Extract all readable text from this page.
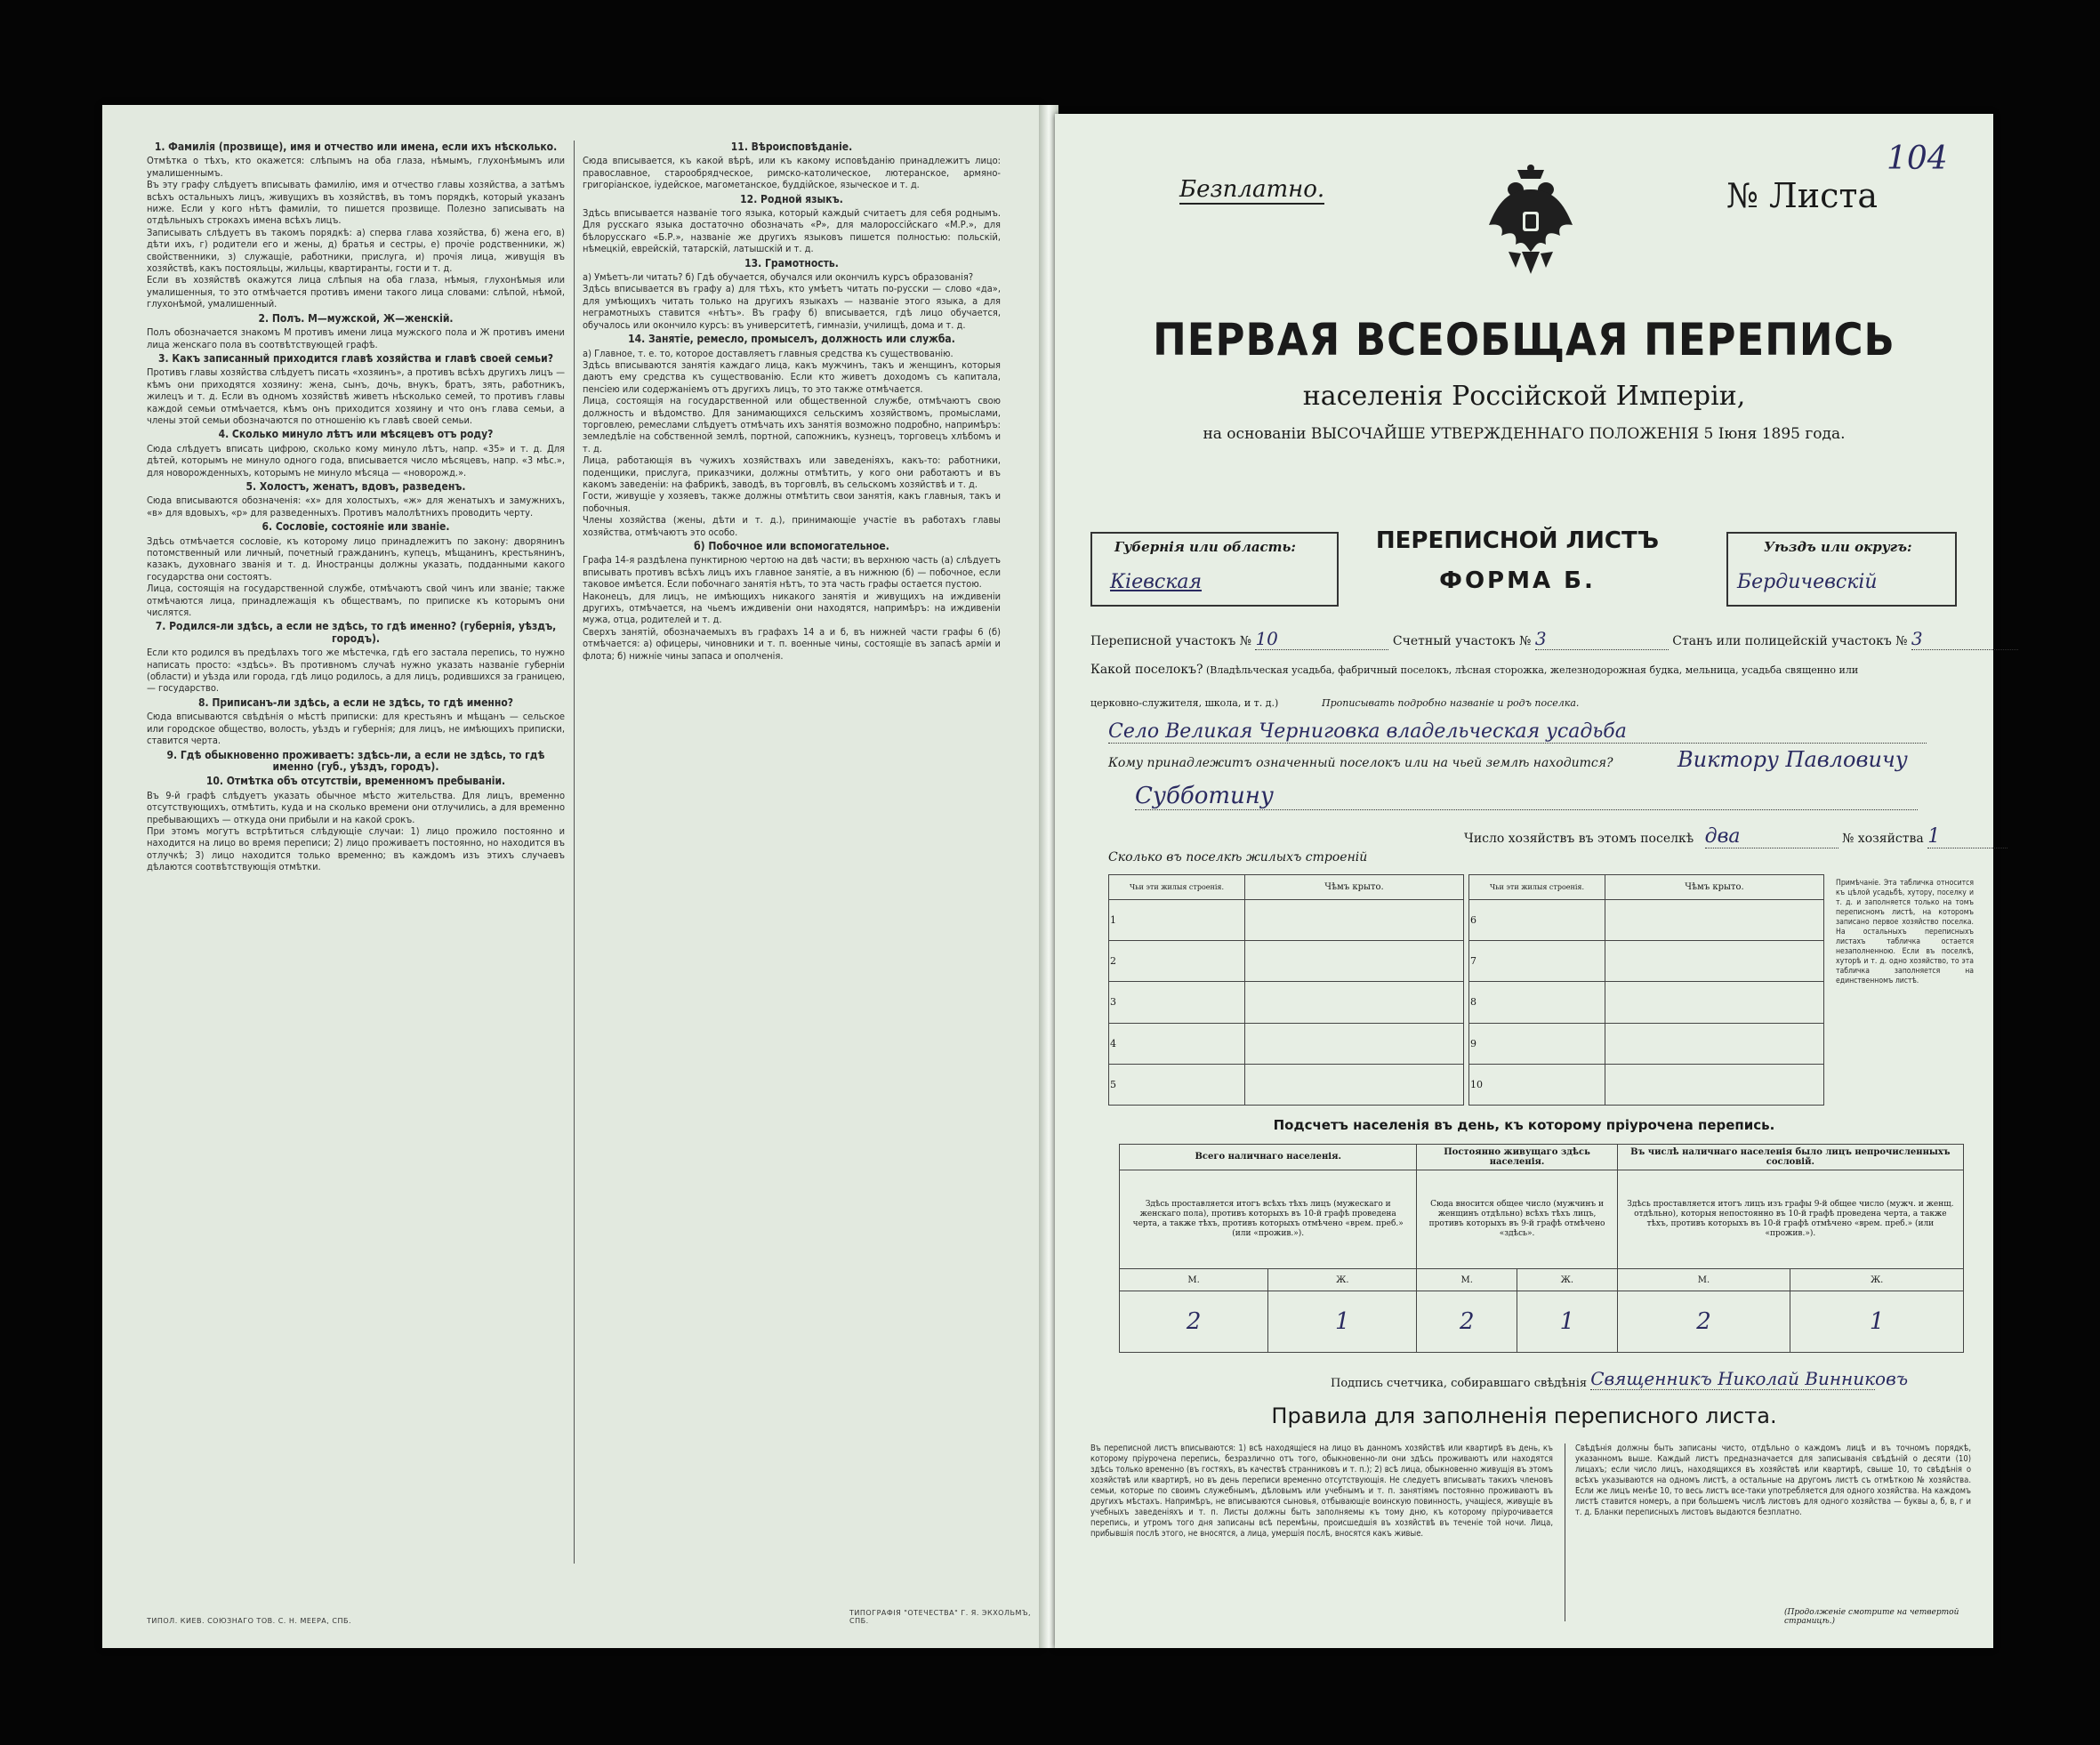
1. Фамилія (прозвище), имя и отчество или имена, если ихъ нѣсколько.
Отмѣтка о тѣхъ, кто окажется: слѣпымъ на оба глаза, нѣмымъ, глухонѣмымъ или умалишеннымъ.
Въ эту графу слѣдуетъ вписывать фамилію, имя и отчество главы хозяйства, а затѣмъ всѣхъ остальныхъ лицъ, живущихъ въ хозяйствѣ, въ томъ порядкѣ, который указанъ ниже. Если у кого нѣтъ фамиліи, то пишется прозвище. Полезно записывать на отдѣльныхъ строкахъ имена всѣхъ лицъ.
Записывать слѣдуетъ въ такомъ порядкѣ: а) сперва глава хозяйства, б) жена его, в) дѣти ихъ, г) родители его и жены, д) братья и сестры, е) прочіе родственники, ж) свойственники, з) служащіе, работники, прислуга, и) прочія лица, живущія въ хозяйствѣ, какъ постояльцы, жильцы, квартиранты, гости и т. д.
Если въ хозяйствѣ окажутся лица слѣпыя на оба глаза, нѣмыя, глухонѣмыя или умалишенныя, то это отмѣчается противъ имени такого лица словами: слѣпой, нѣмой, глухонѣмой, умалишенный.
2. Полъ. М—мужской, Ж—женскій.
Полъ обозначается знакомъ М противъ имени лица мужского пола и Ж противъ имени лица женскаго пола въ соотвѣтствующей графѣ.
3. Какъ записанный приходится главѣ хозяйства и главѣ своей семьи?
Противъ главы хозяйства слѣдуетъ писать «хозяинъ», а противъ всѣхъ другихъ лицъ — кѣмъ они приходятся хозяину: жена, сынъ, дочь, внукъ, братъ, зять, работникъ, жилецъ и т. д. Если въ одномъ хозяйствѣ живетъ нѣсколько семей, то противъ главы каждой семьи отмѣчается, кѣмъ онъ приходится хозяину и что онъ глава семьи, а члены этой семьи обозначаются по отношенію къ главѣ своей семьи.
4. Сколько минуло лѣтъ или мѣсяцевъ отъ роду?
Сюда слѣдуетъ вписать цифрою, сколько кому минуло лѣтъ, напр. «35» и т. д. Для дѣтей, которымъ не минуло одного года, вписывается число мѣсяцевъ, напр. «3 мѣс.», для новорожденныхъ, которымъ не минуло мѣсяца — «новорожд.».
5. Холостъ, женатъ, вдовъ, разведенъ.
Сюда вписываются обозначенія: «х» для холостыхъ, «ж» для женатыхъ и замужнихъ, «в» для вдовыхъ, «р» для разведенныхъ. Противъ малолѣтнихъ проводить черту.
6. Сословіе, состояніе или званіе.
Здѣсь отмѣчается сословіе, къ которому лицо принадлежитъ по закону: дворянинъ потомственный или личный, почетный гражданинъ, купецъ, мѣщанинъ, крестьянинъ, казакъ, духовнаго званія и т. д. Иностранцы должны указать, подданными какого государства они состоятъ.
Лица, состоящія на государственной службе, отмѣчаютъ свой чинъ или званіе; также отмѣчаются лица, принадлежащія къ обществамъ, по приписке къ которымъ они числятся.
7. Родился-ли здѣсь, а если не здѣсь, то гдѣ именно? (губернія, уѣздъ, городъ).
Если кто родился въ предѣлахъ того же мѣстечка, гдѣ его застала перепись, то нужно написать просто: «здѣсь». Въ противномъ случаѣ нужно указать названіе губерніи (области) и уѣзда или города, гдѣ лицо родилось, а для лицъ, родившихся за границею, — государство.
8. Приписанъ-ли здѣсь, а если не здѣсь, то гдѣ именно?
Сюда вписываются свѣдѣнія о мѣстѣ приписки: для крестьянъ и мѣщанъ — сельское или городское общество, волость, уѣздъ и губернія; для лицъ, не имѣющихъ приписки, ставится черта.
9. Гдѣ обыкновенно проживаетъ: здѣсь-ли, а если не здѣсь, то гдѣ именно (губ., уѣздъ, городъ).
10. Отмѣтка объ отсутствіи, временномъ пребываніи.
Въ 9-й графѣ слѣдуетъ указать обычное мѣсто жительства. Для лицъ, временно отсутствующихъ, отмѣтить, куда и на сколько времени они отлучились, а для временно пребывающихъ — откуда они прибыли и на какой срокъ.
При этомъ могутъ встрѣтиться слѣдующіе случаи: 1) лицо прожило постоянно и находится на лицо во время переписи; 2) лицо проживаетъ постоянно, но находится въ отлучкѣ; 3) лицо находится только временно; въ каждомъ изъ этихъ случаевъ дѣлаются соотвѣтствующія отмѣтки.
11. Вѣроисповѣданіе.
Сюда вписывается, къ какой вѣрѣ, или къ какому исповѣданію принадлежитъ лицо: православное, старообрядческое, римско-католическое, лютеранское, армяно-григоріанское, іудейское, магометанское, буддійское, языческое и т. д.
12. Родной языкъ.
Здѣсь вписывается названіе того языка, который каждый считаетъ для себя роднымъ. Для русскаго языка достаточно обозначать «Р», для малороссійскаго «М.Р.», для бѣлорусскаго «Б.Р.», названіе же другихъ языковъ пишется полностью: польскій, нѣмецкій, еврейскій, татарскій, латышскій и т. д.
13. Грамотность.
а) Умѣетъ-ли читать? б) Гдѣ обучается, обучался или окончилъ курсъ образованія?
Здѣсь вписывается въ графу а) для тѣхъ, кто умѣетъ читать по-русски — слово «да», для умѣющихъ читать только на другихъ языкахъ — названіе этого языка, а для неграмотныхъ ставится «нѣтъ». Въ графу б) вписывается, гдѣ лицо обучается, обучалось или окончило курсъ: въ университетѣ, гимназіи, училищѣ, дома и т. д.
14. Занятіе, ремесло, промыселъ, должность или служба.
а) Главное, т. е. то, которое доставляетъ главныя средства къ существованію.
Здѣсь вписываются занятія каждаго лица, какъ мужчинъ, такъ и женщинъ, которыя даютъ ему средства къ существованію. Если кто живетъ доходомъ съ капитала, пенсіею или содержаніемъ отъ другихъ лицъ, то это также отмѣчается.
Лица, состоящія на государственной или общественной службе, отмѣчаютъ свою должность и вѣдомство. Для занимающихся сельскимъ хозяйствомъ, промыслами, торговлею, ремеслами слѣдуетъ отмѣчать ихъ занятія возможно подробно, напримѣръ: земледѣліе на собственной землѣ, портной, сапожникъ, кузнецъ, торговецъ хлѣбомъ и т. д.
Лица, работающія въ чужихъ хозяйствахъ или заведеніяхъ, какъ-то: работники, поденщики, прислуга, приказчики, должны отмѣтить, у кого они работаютъ и въ какомъ заведеніи: на фабрикѣ, заводѣ, въ торговлѣ, въ сельскомъ хозяйствѣ и т. д.
Гости, живущіе у хозяевъ, также должны отмѣтить свои занятія, какъ главныя, такъ и побочныя.
Члены хозяйства (жены, дѣти и т. д.), принимающіе участіе въ работахъ главы хозяйства, отмѣчаютъ это особо.
б) Побочное или вспомогательное.
Графа 14-я раздѣлена пунктирною чертою на двѣ части; въ верхнюю часть (а) слѣдуетъ вписывать противъ всѣхъ лицъ ихъ главное занятіе, а въ нижнюю (б) — побочное, если таковое имѣется. Если побочнаго занятія нѣтъ, то эта часть графы остается пустою.
Наконецъ, для лицъ, не имѣющихъ никакого занятія и живущихъ на иждивеніи другихъ, отмѣчается, на чьемъ иждивеніи они находятся, напримѣръ: на иждивеніи мужа, отца, родителей и т. д.
Сверхъ занятій, обозначаемыхъ въ графахъ 14 а и б, въ нижней части графы 6 (б) отмѣчается: а) офицеры, чиновники и т. п. военные чины, состоящіе въ запасѣ арміи и флота; б) нижніе чины запаса и ополченія.
ТИПОЛ. КИЕВ. СОЮЗНАГО ТОВ. С. Н. МЕЕРА, СПБ.
ТИПОГРАФІЯ "ОТЕЧЕСТВА" Г. Я. ЭКХОЛЬМЪ, СПБ.
Безплатно.	№ Листа
104
ПЕРВАЯ ВСЕОБЩАЯ ПЕРЕПИСЬ
населенія Россійской Имперіи,
на основаніи ВЫСОЧАЙШЕ УТВЕРЖДЕННАГО ПОЛОЖЕНІЯ 5 Іюня 1895 года.
Губернія или область:
Кіевская
ПЕРЕПИСНОЙ ЛИСТЪ
ФОРМА Б.
Уѣздъ или округъ:
Бердичевскій
Переписной участокъ № 10	Счетный участокъ № 3	Станъ или полицейскій участокъ № 3
Какой поселокъ? (Владѣльческая усадьба, фабричный поселокъ, лѣсная сторожка, железнодорожная будка, мельница, усадьба священно или
церковно-служителя, школа, и т. д.)	Прописывать подробно названіе и родъ поселка.
Село Великая Черниговка владельческая усадьба
Кому принадлежитъ означенный поселокъ или на чьей землѣ находится?	Виктору Павловичу
Субботину
Число хозяйствъ въ этомъ поселкѣ два	№ хозяйства 1
Сколько въ поселкѣ жилыхъ строеній
Чьи эти жилыя строенія.	Чѣмъ крыто.
1	
2	
3	
4	
5	
Чьи эти жилыя строенія.	Чѣмъ крыто.
6	
7	
8	
9	
10	
Примѣчаніе. Эта табличка относится къ цѣлой усадьбѣ, хутору, поселку и т. д. и заполняется только на томъ переписномъ листѣ, на которомъ записано первое хозяйство поселка. На остальныхъ переписныхъ листахъ табличка остается незаполненною. Если въ поселкѣ, хуторѣ и т. д. одно хозяйство, то эта табличка заполняется на единственномъ листѣ.
Подсчетъ населенія въ день, къ которому пріурочена перепись.
Всего наличнаго населенія.		Постоянно живущаго здѣсь населенія.		Въ числѣ наличнаго населенія было лицъ непрочисленныхъ сословій.	
Здѣсь проставляется итогъ всѣхъ тѣхъ лицъ (мужескаго и женскаго пола), противъ которыхъ въ 10-й графѣ проведена черта, а также тѣхъ, противъ которыхъ отмѣчено «врем. преб.» (или «прожив.»).		Сюда вносится общее число (мужчинъ и женщинъ отдѣльно) всѣхъ тѣхъ лицъ, противъ которыхъ въ 9-й графѣ отмѣчено «здѣсь».		Здѣсь проставляется итогъ лицъ изъ графы 9-й общее число (мужч. и женщ. отдѣльно), которыя непостоянно въ 10-й графѣ проведена черта, а также тѣхъ, противъ которыхъ въ 10-й графѣ отмѣчено «врем. преб.» (или «прожив.»).	
М.	Ж.	М.	Ж.	М.	Ж.
2	1	2	1	2	1
Подпись счетчика, собиравшаго свѣдѣнія Священникъ Николай Винниковъ
Правила для заполненія переписного листа.
Въ переписной листъ вписываются: 1) всѣ находящіеся на лицо въ данномъ хозяйствѣ или квартирѣ въ день, къ которому пріурочена перепись, безразлично отъ того, обыкновенно-ли они здѣсь проживаютъ или находятся здѣсь только временно (въ гостяхъ, въ качествѣ странниковъ и т. п.); 2) всѣ лица, обыкновенно живущія въ этомъ хозяйствѣ или квартирѣ, но въ день переписи временно отсутствующія. Не следуетъ вписывать такихъ членовъ семьи, которые по своимъ служебнымъ, дѣловымъ или учебнымъ и т. п. занятіямъ постоянно проживаютъ въ другихъ мѣстахъ. Напримѣръ, не вписываются сыновья, отбывающіе воинскую повинность, учащіеся, живущіе въ учебныхъ заведеніяхъ и т. п. Листы должны быть заполняемы къ тому дню, къ которому пріурочивается перепись, и утромъ того дня записаны всѣ перемѣны, происшедшія въ хозяйствѣ въ теченіе той ночи. Лица, прибывшія послѣ этого, не вносятся, а лица, умершія послѣ, вносятся какъ живые.
Свѣдѣнія должны быть записаны чисто, отдѣльно о каждомъ лицѣ и въ точномъ порядкѣ, указанномъ выше. Каждый листъ предназначается для записыванія свѣдѣній о десяти (10) лицахъ; если число лицъ, находящихся въ хозяйствѣ или квартирѣ, свыше 10, то свѣдѣнія о всѣхъ указываются на одномъ листѣ, а остальные на другомъ листѣ съ отмѣткою № хозяйства. Если же лицъ менѣе 10, то весь листъ все-таки употребляется для одного хозяйства. На каждомъ листѣ ставится номеръ, а при большемъ числѣ листовъ для одного хозяйства — буквы а, б, в, г и т. д. Бланки переписныхъ листовъ выдаются безплатно.
(Продолженіе смотрите на четвертой страницѣ.)
